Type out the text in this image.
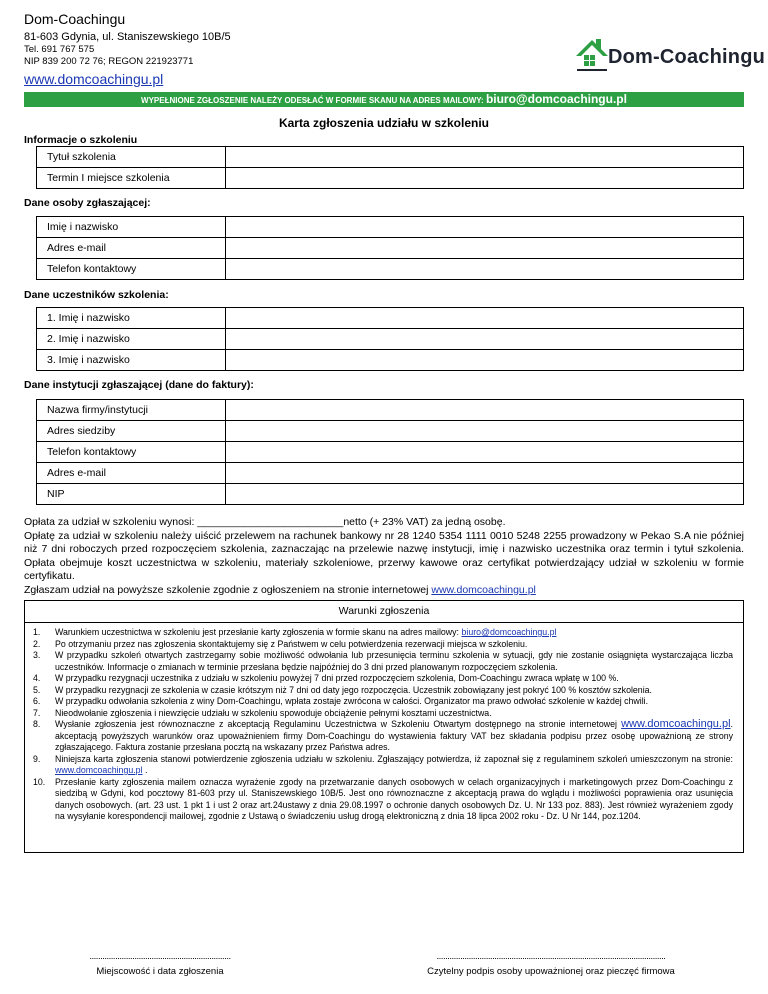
Dom-Coachingu
81-603 Gdynia, ul. Staniszewskiego 10B/5
Tel. 691 767 575
NIP 839 200 72 76; REGON 221923771
www.domcoachingu.pl
Dom-Coachingu
WYPEŁNIONE ZGŁOSZENIE NALEŻY ODESŁAĆ W FORMIE SKANU NA ADRES MAILOWY: biuro@domcoachingu.pl
Karta zgłoszenia udziału w szkoleniu
Informacje o szkoleniu
Tytuł szkolenia	
Termin I miejsce szkolenia	
Dane osoby zgłaszającej:
Imię i nazwisko	
Adres e-mail	
Telefon kontaktowy	
Dane uczestników szkolenia:
1. Imię i nazwisko	
2. Imię i nazwisko	
3. Imię i nazwisko	
Dane instytucji zgłaszającej (dane do faktury):
Nazwa firmy/instytucji	
Adres siedziby	
Telefon kontaktowy	
Adres e-mail	
NIP	
Opłata za udział w szkoleniu wynosi: _________________________netto (+ 23% VAT) za jedną osobę.
Opłatę za udział w szkoleniu należy uiścić przelewem na rachunek bankowy nr 28 1240 5354 1111 0010 5248 2255 prowadzony w Pekao S.A nie później niż 7 dni roboczych przed rozpoczęciem szkolenia, zaznaczając na przelewie nazwę instytucji, imię i nazwisko uczestnika oraz termin i tytuł szkolenia. Opłata obejmuje koszt uczestnictwa w szkoleniu, materiały szkoleniowe, przerwy kawowe oraz certyfikat potwierdzający udział w szkoleniu w formie certyfikatu.
Zgłaszam udział na powyższe szkolenie zgodnie z ogłoszeniem na stronie internetowej www.domcoachingu.pl
Warunki zgłoszenia
1.	Warunkiem uczestnictwa w szkoleniu jest przesłanie karty zgłoszenia w formie skanu na adres mailowy: biuro@domcoachingu.pl
2.	Po otrzymaniu przez nas zgłoszenia skontaktujemy się z Państwem w celu potwierdzenia rezerwacji miejsca w szkoleniu.
3.	W przypadku szkoleń otwartych zastrzegamy sobie możliwość odwołania lub przesunięcia terminu szkolenia w sytuacji, gdy nie zostanie osiągnięta wystarczająca liczba uczestników. Informacje o zmianach w terminie przesłana będzie najpóźniej do 3 dni przed planowanym rozpoczęciem szkolenia.
4.	W przypadku rezygnacji uczestnika z udziału w szkoleniu powyżej 7 dni przed rozpoczęciem szkolenia, Dom-Coachingu zwraca wpłatę w 100 %.
5.	W przypadku rezygnacji ze szkolenia w czasie krótszym niż 7 dni od daty jego rozpoczęcia. Uczestnik zobowiązany jest pokryć 100 % kosztów szkolenia.
6.	W przypadku odwołania szkolenia z winy Dom-Coachingu, wpłata zostaje zwrócona w całości. Organizator ma prawo odwołać szkolenie w każdej chwili.
7.	Nieodwołanie zgłoszenia i niewzięcie udziału w szkoleniu spowoduje obciążenie pełnymi kosztami uczestnictwa.
8.	Wysłanie zgłoszenia jest równoznaczne z akceptacją Regulaminu Uczestnictwa w Szkoleniu Otwartym dostępnego na stronie internetowej www.domcoachingu.pl. akceptacją powyższych warunków oraz upoważnieniem firmy Dom-Coachingu do wystawienia faktury VAT bez składania podpisu przez osobę upoważnioną ze strony zgłaszającego. Faktura zostanie przesłana pocztą na wskazany przez Państwa adres.
9.	Niniejsza karta zgłoszenia stanowi potwierdzenie zgłoszenia udziału w szkoleniu. Zgłaszający potwierdza, iż zapoznał się z regulaminem szkoleń umieszczonym na stronie: www.domcoachingu.pl .
10.	Przesłanie karty zgłoszenia mailem oznacza wyrażenie zgody na przetwarzanie danych osobowych w celach organizacyjnych i marketingowych przez Dom-Coachingu z siedzibą w Gdyni, kod pocztowy 81-603 przy ul. Staniszewskiego 10B/5. Jest ono równoznaczne z akceptacją prawa do wglądu i możliwości poprawienia oraz usunięcia danych osobowych. (art. 23 ust. 1 pkt 1 i ust 2 oraz art.24ustawy z dnia 29.08.1997 o ochronie danych osobowych Dz. U. Nr 133 poz. 883). Jest również wyrażeniem zgody na wysyłanie korespondencji mailowej, zgodnie z Ustawą o świadczeniu usług drogą elektroniczną z dnia 18 lipca 2002 roku - Dz. U Nr 144, poz.1204.
..................................................................
Miejscowość i data zgłoszenia
...........................................................................................................
Czytelny podpis osoby upoważnionej oraz pieczęć firmowa
